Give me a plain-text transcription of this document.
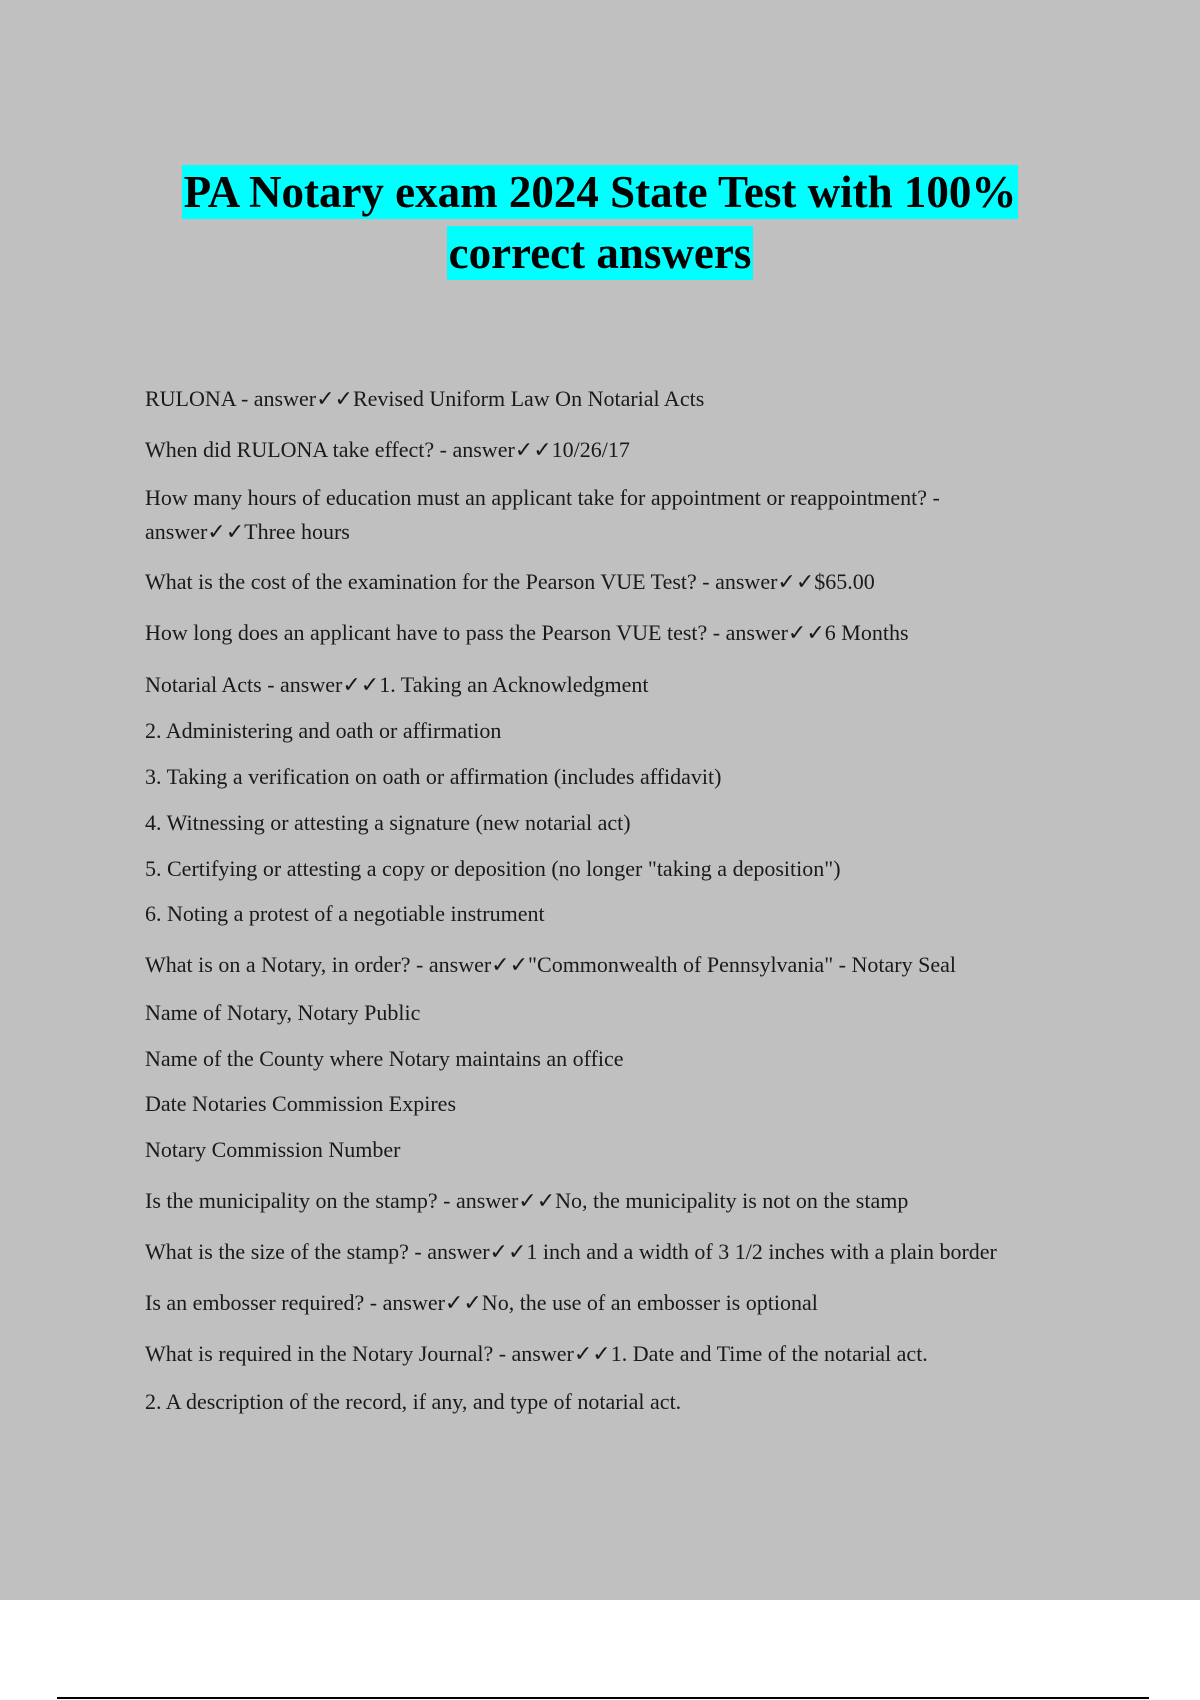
PA Notary exam 2024 State Test with 100%
correct answers
RULONA - answer✓✓Revised Uniform Law On Notarial Acts
When did RULONA take effect? - answer✓✓10/26/17
How many hours of education must an applicant take for appointment or reappointment? - answer✓✓Three hours
What is the cost of the examination for the Pearson VUE Test? - answer✓✓$65.00
How long does an applicant have to pass the Pearson VUE test? - answer✓✓6 Months
Notarial Acts - answer✓✓1. Taking an Acknowledgment
2. Administering and oath or affirmation
3. Taking a verification on oath or affirmation (includes affidavit)
4. Witnessing or attesting a signature (new notarial act)
5. Certifying or attesting a copy or deposition (no longer "taking a deposition")
6. Noting a protest of a negotiable instrument
What is on a Notary, in order? - answer✓✓"Commonwealth of Pennsylvania" - Notary Seal
Name of Notary, Notary Public
Name of the County where Notary maintains an office
Date Notaries Commission Expires
Notary Commission Number
Is the municipality on the stamp? - answer✓✓No, the municipality is not on the stamp
What is the size of the stamp? - answer✓✓1 inch and a width of 3 1/2 inches with a plain border
Is an embosser required? - answer✓✓No, the use of an embosser is optional
What is required in the Notary Journal? - answer✓✓1. Date and Time of the notarial act.
2. A description of the record, if any, and type of notarial act.
